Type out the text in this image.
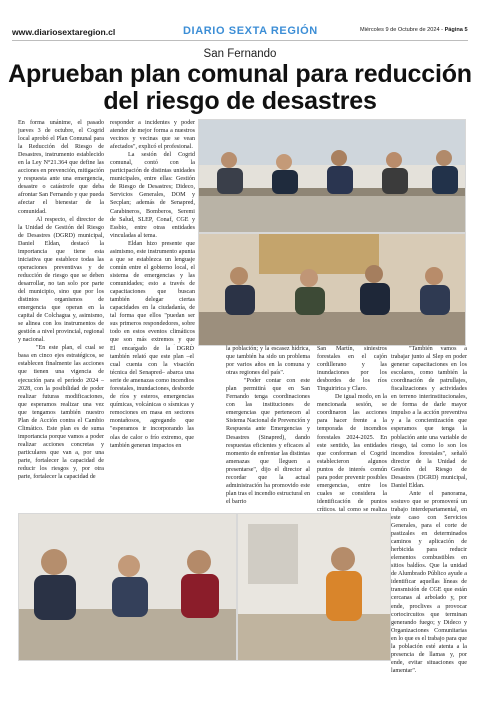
www.diariosextaregion.cl	DIARIO SEXTA REGIÓN	Miércoles 9 de Octubre de 2024 - Página 5
San Fernando
Aprueban plan comunal para reducción
del riesgo de desastres

En forma unánime, el pasado jueves 3 de octubre, el Cogrid local aprobó el Plan Comunal para la Reducción del Riesgo de Desastres, instrumento establecido en la Ley N°21.364 que define las acciones en prevención, mitigación y respuesta ante una emergencia, desastre o catástrofe que deba afrontar San Fernando y que pueda afectar el bienestar de la comunidad.

Al respecto, el director de la Unidad de Gestión del Riesgo de Desastres (DGRD) municipal, Daniel Eldan, destacó la importancia que tiene esta iniciativa que establece todas las operaciones preventivas y de reducción de riesgo que se deben desarrollar, no tan solo por parte del municipio, sino que por los distintos organismos de emergencia que operan en la capital de Colchagua y, asimismo, se alinea con los instrumentos de gestión a nivel provincial, regional y nacional.

"En este plan, el cual se basa en cinco ejes estratégicos, se establecen finalmente las acciones que tienen una vigencia de ejecución para el período 2024 – 2028, con la posibilidad de poder realizar futuras modificaciones, que esperamos realizar una vez que tengamos también nuestro Plan de Acción contra el Cambio Climático. Este plan es de suma importancia porque vamos a poder realizar acciones concretas y particulares que van a, por una parte, fortalecer la capacidad de reducir los riesgos y, por otra parte, fortalecer la capacidad de

responder a incidentes y poder atender de mejor forma a nuestros vecinos y vecinas que se vean afectados", explicó el profesional.

La sesión del Cogrid comunal, contó con la participación de distintas unidades municipales, entre ellas: Gestión de Riesgo de Desastres; Dideco, Servicios Generales, DOM y Secplan; además de Senapred, Carabineros, Bomberos, Seremi de Salud, SLEP, Conaf, CGE y Essbio, entre otras entidades vinculadas al tema.

Eldan hizo presente que asimismo, este instrumento apunta a que se establezca un lenguaje común entre el gobierno local, el sistema de emergencias y las comunidades; esto a través de capacitaciones que buscan también delegar ciertas capacidades en la ciudadanía, de tal forma que ellos "puedan ser sus primeros respondedores, sobre todo en estos eventos climáticos que son más extremos y que

El encargado de la DGRD también relató que este plan –el cual cuenta con la visación técnica del Senapred– abarca una serie de amenazas como incendios forestales, inundaciones, desborde de ríos y esteros, emergencias químicas, volcánicas o sísmicas y remociones en masa en sectores montañosos, agregando que "esperamos ir incorporando las olas de calor o frío extremo, que también generan impactos en

la población; y la escasez hídrica, que también ha sido un problema por varios años en la comuna y otras regiones del país".

"Poder contar con este plan permitirá que en San Fernando tenga coordinaciones con las instituciones de emergencias que pertenecen al Sistema Nacional de Prevención y Respuesta ante Emergencias y Desastres (Sinapred), dando respuestas eficientes y eficaces al momento de enfrentar las distintas amenazas que lleguen a presentarse", dijo el director al recordar que la actual administración ha promovido este plan tras el incendio estructural en el barrio

San Martín, siniestros forestales en el cajón cordillerano y las inundaciones por los desbordes de los ríos Tinguiririca y Claro.

De igual modo, en la mencionada sesión, se coordinaron las acciones para hacer frente a la temporada de incendios forestales 2024-2025. En este sentido, las entidades que conforman el Cogrid establecieron algunos puntos de interés común para poder prevenir posibles emergencias, entre los cuales se considera la identificación de puntos críticos, tal como se realiza

"También vamos a trabajar junto al Slep en poder generar capacitaciones en los escolares, como también la coordinación de patrullajes, fiscalizaciones y actividades en terreno interinstitucionales, de forma de darle mayor impulso a la acción preventiva y a la concientización que esperamos que tenga la población ante una variable de riesgo, tal como lo son los incendios forestales", señaló director de la Unidad de Gestión del Riesgo de Desastres (DGRD) municipal, Daniel Eldan.

Ante el panorama, sostuvo que se promoverá un trabajo interdepartamental, en este caso con Servicios Generales, para el corte de pastizales en determinados caminos y aplicación de herbicida para reducir elementos combustibles en sitios baldíos. Que la unidad de Alumbrado Público ayude a identificar aquellas líneas de transmisión de CGE que están cercanas al arbolado y, por ende, proclives a provocar cortocircuitos que terminan generando fuego; y Dideco y Organizaciones Comunitarias en lo que es el trabajo para que la población esté atenta a la presencia de llamas y, por ende, evitar situaciones que lamentar".
